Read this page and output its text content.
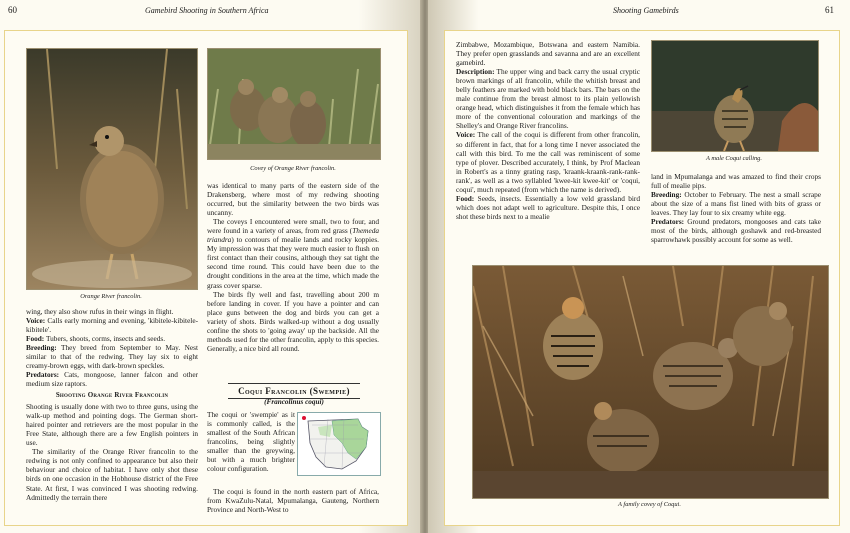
60	Gamebird Shooting in Southern Africa
Orange River francolin.
Covey of Orange River francolin.

wing, they also show rufus in their wings in flight.

Voice: Calls early morning and evening, 'kibitele-kibitele- kibitele'.

Food: Tubers, shoots, corms, insects and seeds.

Breeding: They breed from September to May. Nest similar to that of the redwing. They lay six to eight creamy-brown eggs, with dark-brown speckles.

Predators: Cats, mongoose, lanner falcon and other medium size raptors.

Shooting Orange River Francolin

Shooting is usually done with two to three guns, using the walk-up method and pointing dogs. The German short-haired pointer and retrievers are the most popular in the Free State, although there are a few English pointers in use.

The similarity of the Orange River francolin to the redwing is not only confined to appearance but also their behaviour and choice of habitat. I have only shot these birds on one occasion in the Hobhouse district of the Free State. At first, I was convinced I was shooting redwing. Admittedly the terrain there

was identical to many parts of the eastern side of the Drakensberg, where most of my redwing shooting occurred, but the similarity between the two birds was uncanny.

The coveys I encountered were small, two to four, and were found in a variety of areas, from red grass (Themeda triandra) to contours of mealie lands and rocky koppies. My impression was that they were much easier to flush on first contact than their cousins, although they sat tight the second time round. This could have been due to the drought conditions in the area at the time, which made the grass cover sparse.

The birds fly well and fast, travelling about 200 m before landing in cover. If you have a pointer and can place guns between the dog and birds you can get a variety of shots. Birds walked-up without a dog usually confine the shots to 'going away' up the backside. All the methods used for the other francolin, apply to this species. Generally, a nice bird all round.

Coqui Francolin (Swempie)
(Francolinus coqui)

The coqui or 'swempie' as it is commonly called, is the smallest of the South African francolins, being slightly smaller than the greywing, but with a much brighter colour configuration.

The coqui is found in the north eastern part of Africa, from KwaZulu-Natal, Mpumalanga, Gauteng, Northern Province and North-West to

Shooting Gamebirds	61

Zimbabwe, Mozambique, Botswana and eastern Namibia. They prefer open grasslands and savanna and are an excellent gamebird.

Description: The upper wing and back carry the usual cryptic brown markings of all francolin, while the whitish breast and belly feathers are marked with bold black bars. The bars on the male continue from the breast almost to its plain yellowish orange head, which distinguishes it from the female which has more of the conventional colouration and markings of the Shelley's and Orange River francolins.

Voice: The call of the coqui is different from other francolin, so different in fact, that for a long time I never associated the call with this bird. To me the call was reminiscent of some type of plover. Described accurately, I think, by Prof Maclean in Robert's as a tinny grating rasp, 'kraank-kraank-rank-rank-rank', as well as a two syllabled 'kwee-kit kwee-kit' or 'coqui, coqui', much repeated (from which the name is derived).

Food: Seeds, insects. Essentially a low veld grassland bird which does not adapt well to agriculture. Despite this, I once shot these birds next to a mealie

A male Coqui calling.

land in Mpumalanga and was amazed to find their crops full of mealie pips.

Breeding: October to February. The nest a small scrape about the size of a mans fist lined with bits of grass or leaves. They lay four to six creamy white egg.

Predators: Ground predators, mongooses and cats take most of the birds, although goshawk and red-breasted sparrowhawk possibly account for some as well.

A family covey of Coqui.
